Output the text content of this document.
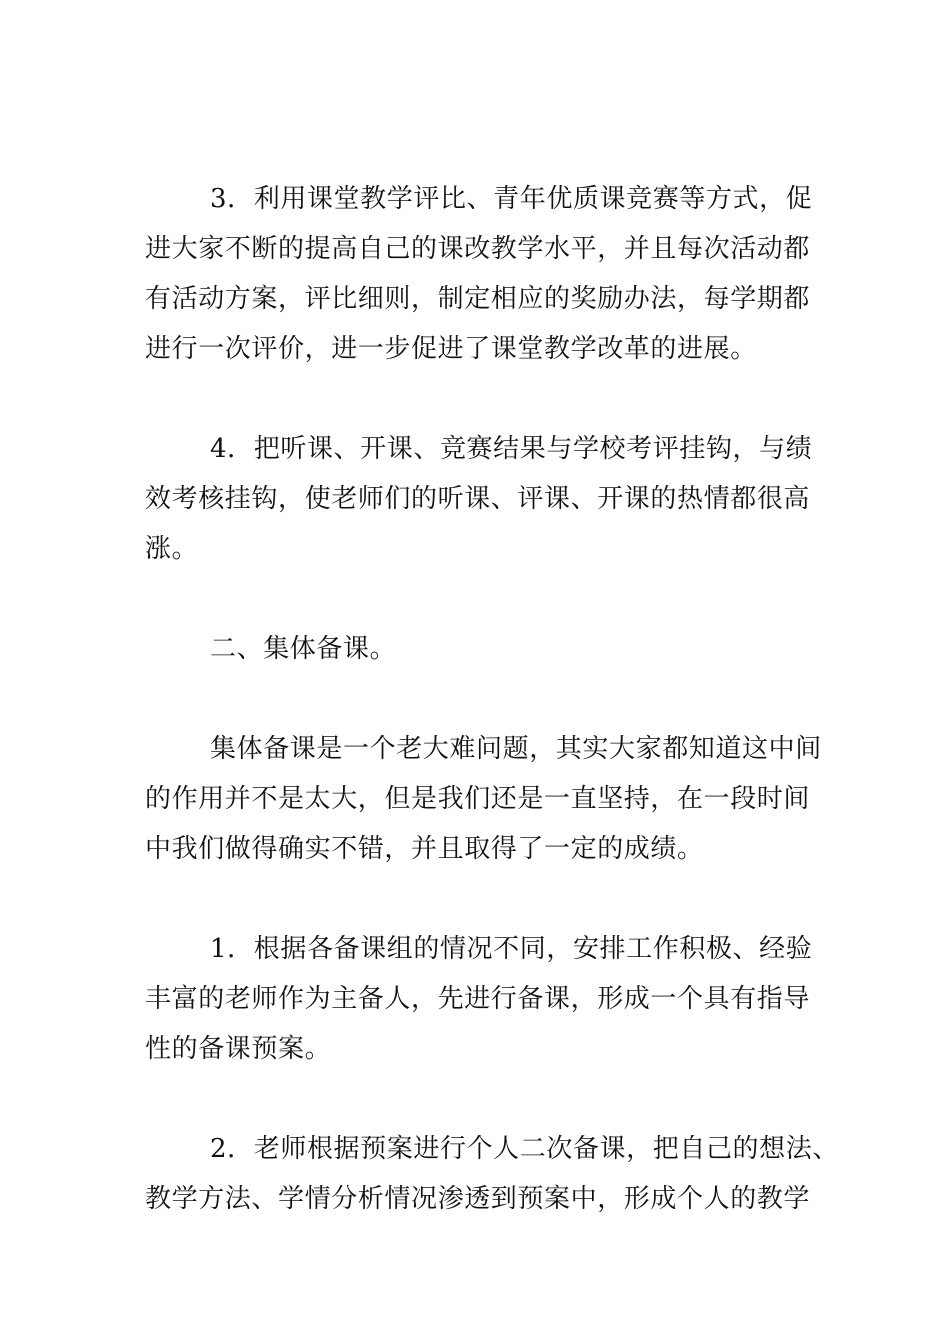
3．利用课堂教学评比、青年优质课竞赛等方式，促
进大家不断的提高自己的课改教学水平，并且每次活动都
有活动方案，评比细则，制定相应的奖励办法，每学期都
进行一次评价，进一步促进了课堂教学改革的进展。
4．把听课、开课、竞赛结果与学校考评挂钩，与绩
效考核挂钩，使老师们的听课、评课、开课的热情都很高
涨。
二、集体备课。
集体备课是一个老大难问题，其实大家都知道这中间
的作用并不是太大，但是我们还是一直坚持，在一段时间
中我们做得确实不错，并且取得了一定的成绩。
1．根据各备课组的情况不同，安排工作积极、经验
丰富的老师作为主备人，先进行备课，形成一个具有指导
性的备课预案。
2．老师根据预案进行个人二次备课，把自己的想法、
教学方法、学情分析情况渗透到预案中，形成个人的教学
